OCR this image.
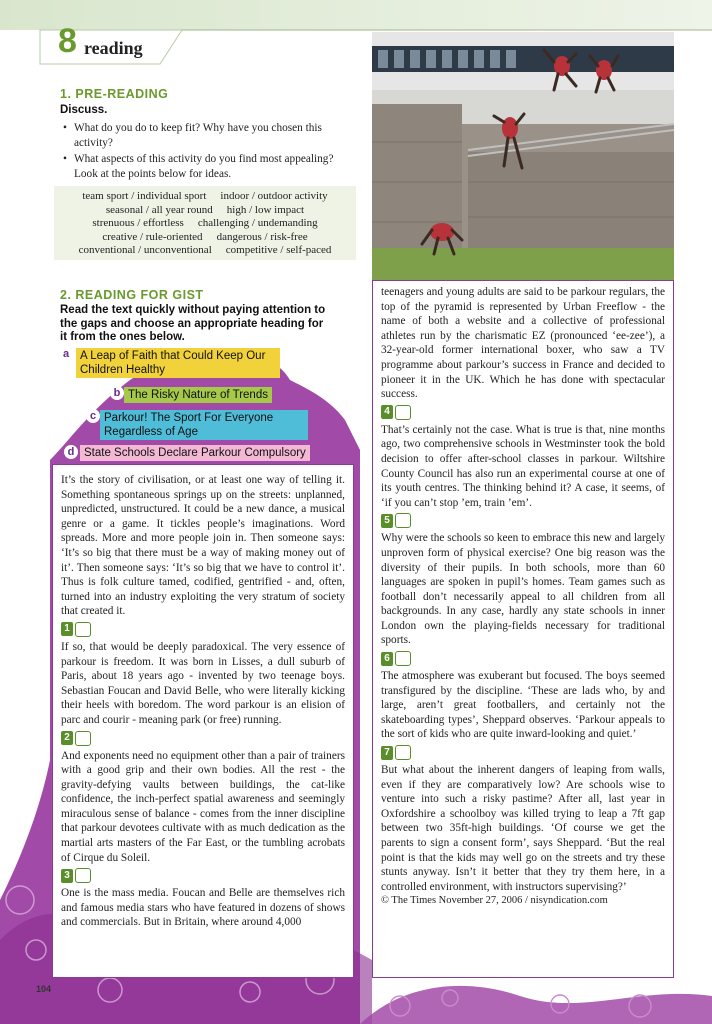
8 reading
1. PRE-READING
Discuss.
• What do you do to keep fit? Why have you chosen this activity?
• What aspects of this activity do you find most appealing? Look at the points below for ideas.
team sport / individual sport indoor / outdoor activity
seasonal / all year round high / low impact
strenuous / effortless challenging / undemanding
creative / rule-oriented dangerous / risk-free
conventional / unconventional competitive / self-paced
2. READING FOR GIST
Read the text quickly without paying attention to the gaps and choose an appropriate heading for it from the ones below.
a A Leap of Faith that Could Keep Our Children Healthy
b The Risky Nature of Trends
c Parkour! The Sport For Everyone Regardless of Age
d State Schools Declare Parkour Compulsory

It’s the story of civilisation, or at least one way of telling it. Something spontaneous springs up on the streets: unplanned, unpredicted, unstructured. It could be a new dance, a musical genre or a game. It tickles people’s imaginations. Word spreads. More and more people join in. Then someone says: ‘It’s so big that there must be a way of making money out of it’. Then someone says: ‘It’s so big that we have to control it’. Thus is folk culture tamed, codified, gentrified - and, often, turned into an industry exploiting the very stratum of society that created it.

1

If so, that would be deeply paradoxical. The very essence of parkour is freedom. It was born in Lisses, a dull suburb of Paris, about 18 years ago - invented by two teenage boys. Sebastian Foucan and David Belle, who were literally kicking their heels with boredom. The word parkour is an elision of parc and courir - meaning park (or free) running.

2

And exponents need no equipment other than a pair of trainers with a good grip and their own bodies. All the rest - the gravity-defying vaults between buildings, the cat-like confidence, the inch-perfect spatial awareness and seemingly miraculous sense of balance - comes from the inner discipline that parkour devotees cultivate with as much dedication as the martial arts masters of the Far East, or the tumbling acrobats of Cirque du Soleil.

3

One is the mass media. Foucan and Belle are themselves rich and famous media stars who have featured in dozens of shows and commercials. But in Britain, where around 4,000

teenagers and young adults are said to be parkour regulars, the top of the pyramid is represented by Urban Freeflow - the name of both a website and a collective of professional athletes run by the charismatic EZ (pronounced ‘ee-zee’), a 32-year-old former international boxer, who saw a TV programme about parkour’s success in France and decided to pioneer it in the UK. Which he has done with spectacular success.

4

That’s certainly not the case. What is true is that, nine months ago, two comprehensive schools in Westminster took the bold decision to offer after-school classes in parkour. Wiltshire County Council has also run an experimental course at one of its youth centres. The thinking behind it? A case, it seems, of ‘if you can’t stop ’em, train ’em’.

5

Why were the schools so keen to embrace this new and largely unproven form of physical exercise? One big reason was the diversity of their pupils. In both schools, more than 60 languages are spoken in pupil’s homes. Team games such as football don’t necessarily appeal to all children from all backgrounds. In any case, hardly any state schools in inner London own the playing-fields necessary for traditional sports.

6

The atmosphere was exuberant but focused. The boys seemed transfigured by the discipline. ‘These are lads who, by and large, aren’t great footballers, and certainly not the skateboarding types’, Sheppard observes. ‘Parkour appeals to the sort of kids who are quite inward-looking and quiet.’

7

But what about the inherent dangers of leaping from walls, even if they are comparatively low? Are schools wise to venture into such a risky pastime? After all, last year in Oxfordshire a schoolboy was killed trying to leap a 7ft gap between two 35ft-high buildings. ‘Of course we get the parents to sign a consent form’, says Sheppard. ‘But the real point is that the kids may well go on the streets and try these stunts anyway. Isn’t it better that they try them here, in a controlled environment, with instructors supervising?’

© The Times November 27, 2006 / nisyndication.com

104
